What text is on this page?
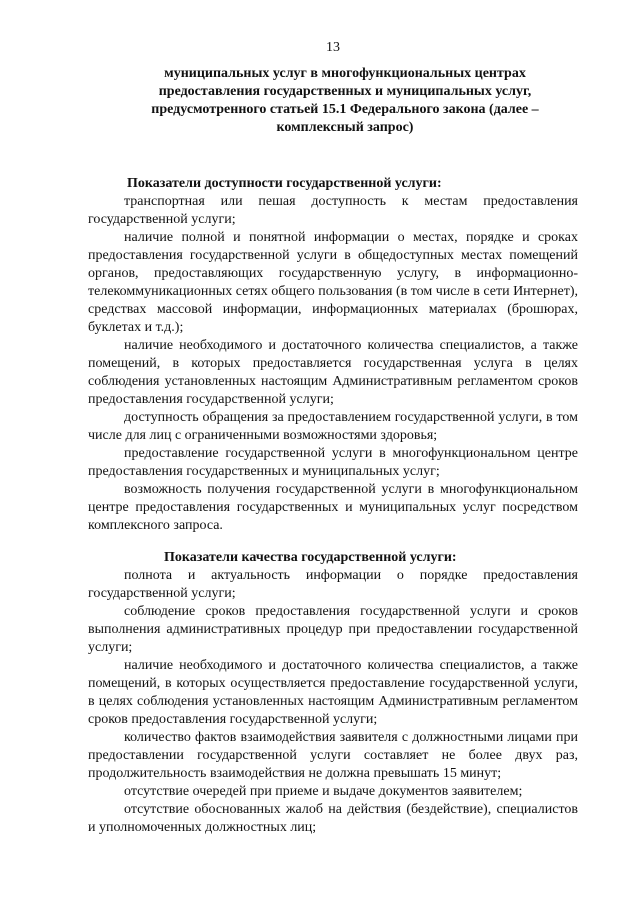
13
муниципальных услуг в многофункциональных центрах
предоставления государственных и муниципальных услуг,
предусмотренного статьей 15.1 Федерального закона (далее –
комплексный запрос)
Показатели доступности государственной услуги:

транспортная или пешая доступность к местам предоставления государственной услуги;

наличие полной и понятной информации о местах, порядке и сроках предоставления государственной услуги в общедоступных местах помещений органов, предоставляющих государственную услугу, в информационно-телекоммуникационных сетях общего пользования (в том числе в сети Интернет), средствах массовой информации, информационных материалах (брошюрах, буклетах и т.д.);

наличие необходимого и достаточного количества специалистов, а также помещений, в которых предоставляется государственная услуга в целях соблюдения установленных настоящим Административным регламентом сроков предоставления государственной услуги;

доступность обращения за предоставлением государственной услуги, в том числе для лиц с ограниченными возможностями здоровья;

предоставление государственной услуги в многофункциональном центре предоставления государственных и муниципальных услуг;

возможность получения государственной услуги в многофункциональном центре предоставления государственных и муниципальных услуг посредством комплексного запроса.

Показатели качества государственной услуги:

полнота и актуальность информации о порядке предоставления государственной услуги;

соблюдение сроков предоставления государственной услуги и сроков выполнения административных процедур при предоставлении государственной услуги;

наличие необходимого и достаточного количества специалистов, а также помещений, в которых осуществляется предоставление государственной услуги, в целях соблюдения установленных настоящим Административным регламентом сроков предоставления государственной услуги;

количество фактов взаимодействия заявителя с должностными лицами при предоставлении государственной услуги составляет не более двух раз, продолжительность взаимодействия не должна превышать 15 минут;

отсутствие очередей при приеме и выдаче документов заявителем;

отсутствие обоснованных жалоб на действия (бездействие), специалистов и уполномоченных должностных лиц;
